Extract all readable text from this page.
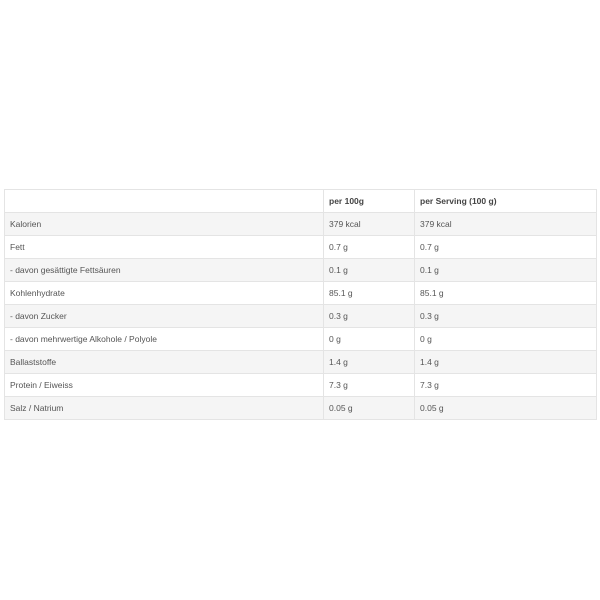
	per 100g	per Serving (100 g)
Kalorien	379 kcal	379 kcal
Fett	0.7 g	0.7 g
- davon gesättigte Fettsäuren	0.1 g	0.1 g
Kohlenhydrate	85.1 g	85.1 g
- davon Zucker	0.3 g	0.3 g
- davon mehrwertige Alkohole / Polyole	0 g	0 g
Ballaststoffe	1.4 g	1.4 g
Protein / Eiweiss	7.3 g	7.3 g
Salz / Natrium	0.05 g	0.05 g
